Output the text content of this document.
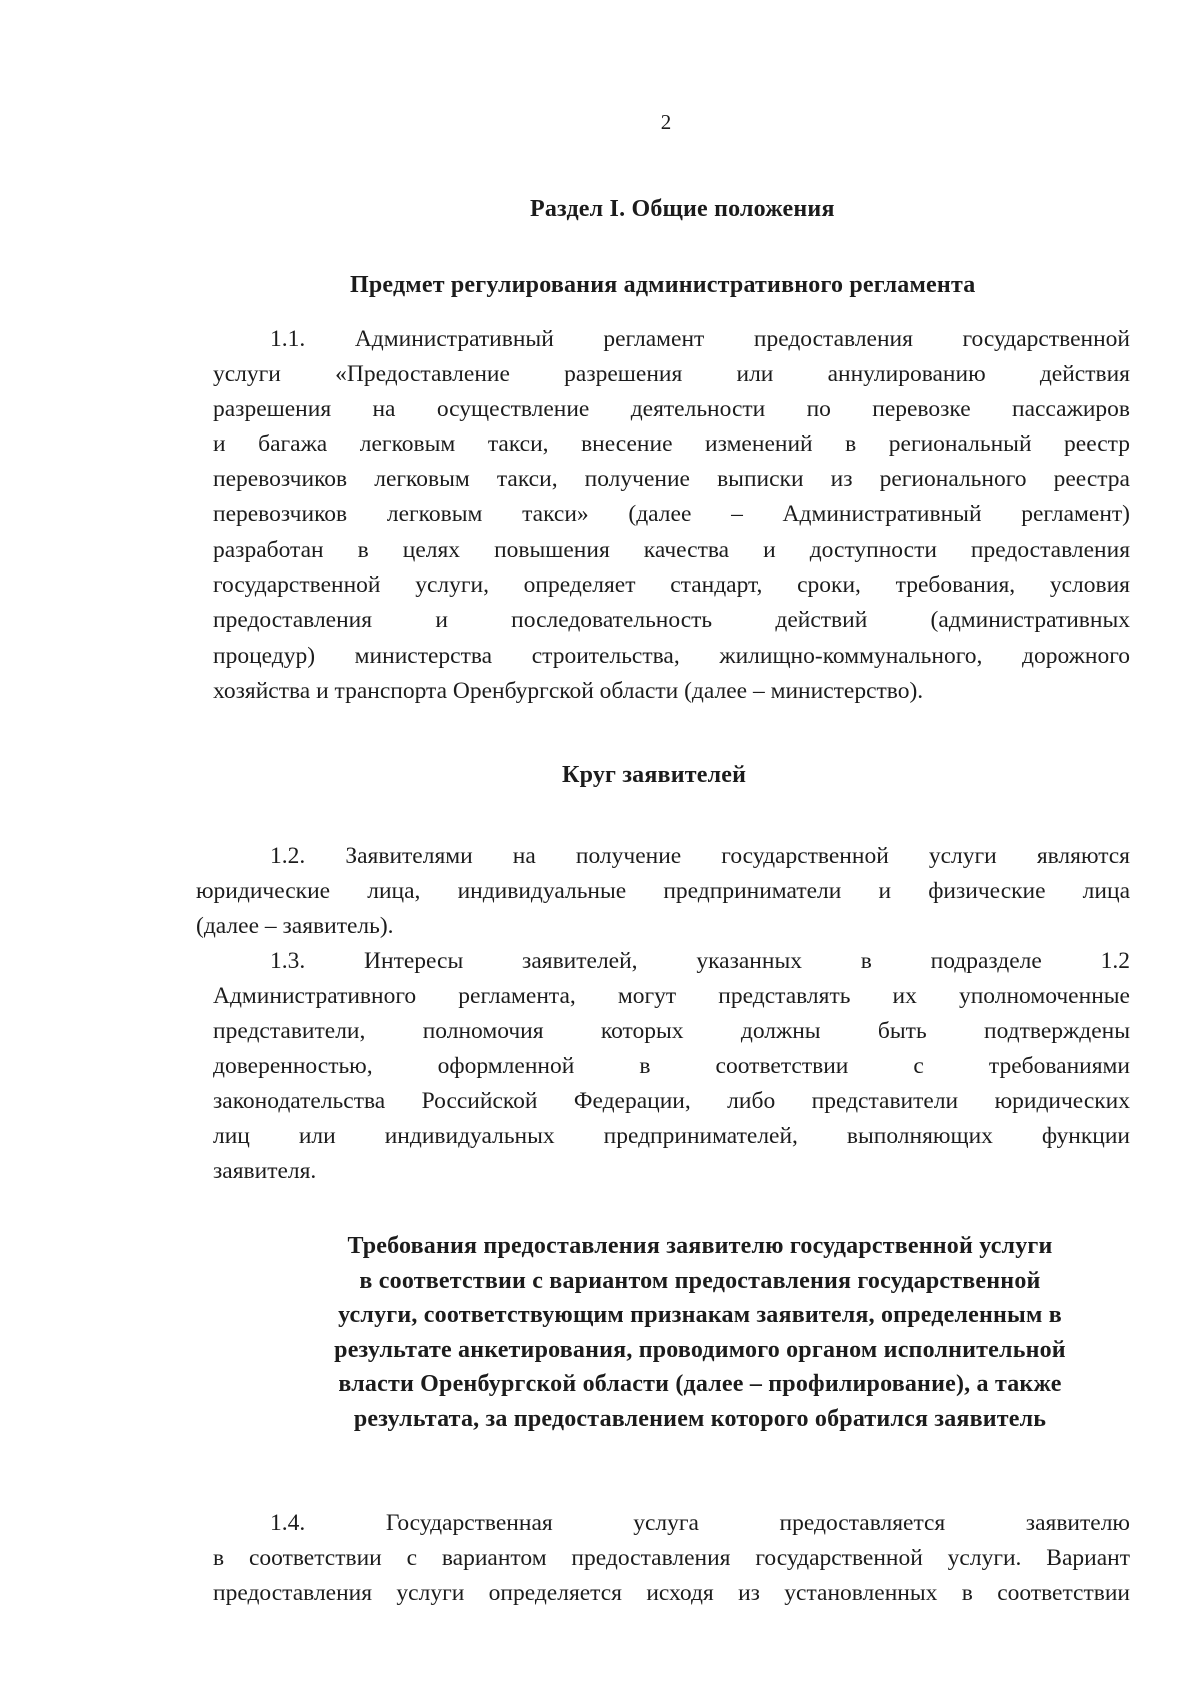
2
Раздел I. Общие положения
Предмет регулирования административного регламента
1.1. Административный регламент предоставления государственной
услуги «Предоставление разрешения или аннулированию действия
разрешения на осуществление деятельности по перевозке пассажиров
и багажа легковым такси, внесение изменений в региональный реестр
перевозчиков легковым такси, получение выписки из регионального реестра
перевозчиков легковым такси» (далее – Административный регламент)
разработан в целях повышения качества и доступности предоставления
государственной услуги, определяет стандарт, сроки, требования, условия
предоставления и последовательность действий (административных
процедур) министерства строительства, жилищно-коммунального, дорожного
хозяйства и транспорта Оренбургской области (далее – министерство).
Круг заявителей
1.2. Заявителями на получение государственной услуги являются
юридические лица, индивидуальные предприниматели и физические лица
(далее – заявитель).
1.3. Интересы заявителей, указанных в подразделе 1.2
Административного регламента, могут представлять их уполномоченные
представители, полномочия которых должны быть подтверждены
доверенностью, оформленной в соответствии с требованиями
законодательства Российской Федерации, либо представители юридических
лиц или индивидуальных предпринимателей, выполняющих функции
заявителя.
Требования предоставления заявителю государственной услуги
в соответствии с вариантом предоставления государственной
услуги, соответствующим признакам заявителя, определенным в
результате анкетирования, проводимого органом исполнительной
власти Оренбургской области (далее – профилирование), а также
результата, за предоставлением которого обратился заявитель
1.4. Государственная услуга предоставляется заявителю
в соответствии с вариантом предоставления государственной услуги. Вариант
предоставления услуги определяется исходя из установленных в соответствии
